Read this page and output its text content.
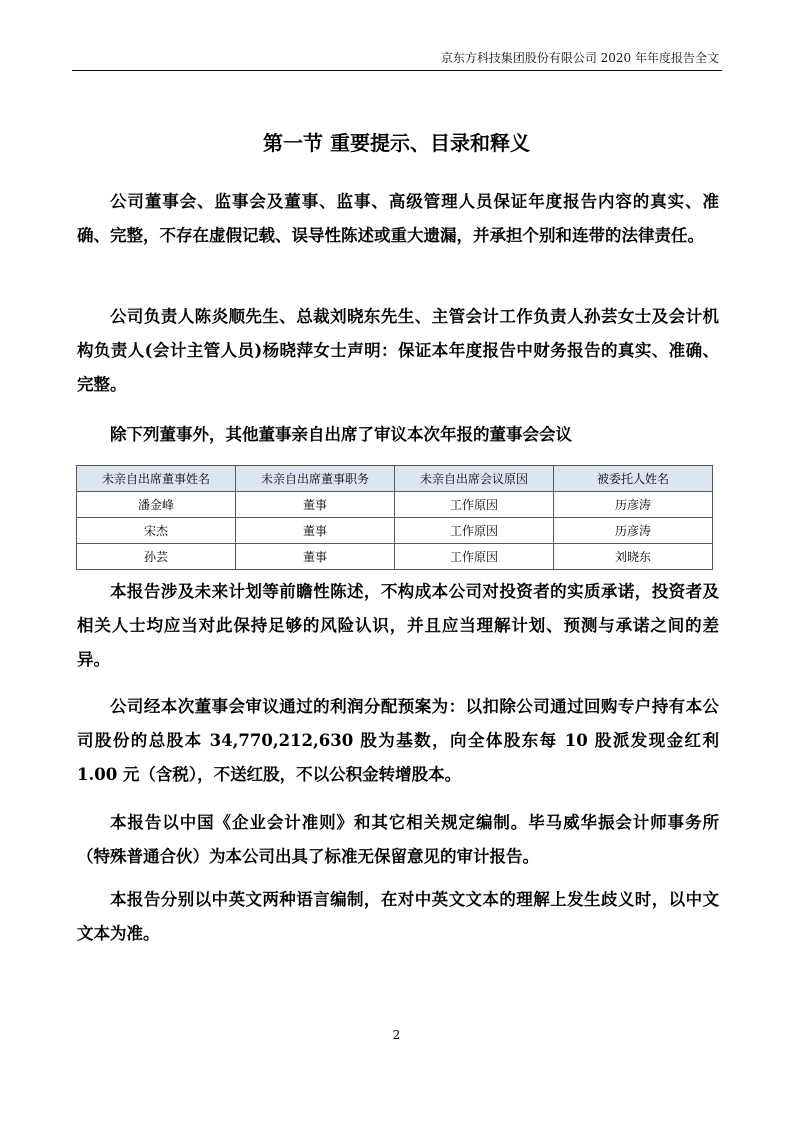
京东方科技集团股份有限公司 2020 年年度报告全文
第一节 重要提示、目录和释义

公司董事会、监事会及董事、监事、高级管理人员保证年度报告内容的真实、准确、完整，不存在虚假记载、误导性陈述或重大遗漏，并承担个别和连带的法律责任。

公司负责人陈炎顺先生、总裁刘晓东先生、主管会计工作负责人孙芸女士及会计机构负责人(会计主管人员)杨晓萍女士声明：保证本年度报告中财务报告的真实、准确、完整。

除下列董事外，其他董事亲自出席了审议本次年报的董事会会议

未亲自出席董事姓名	未亲自出席董事职务	未亲自出席会议原因	被委托人姓名
潘金峰	董事	工作原因	历彦涛
宋杰	董事	工作原因	历彦涛
孙芸	董事	工作原因	刘晓东

本报告涉及未来计划等前瞻性陈述，不构成本公司对投资者的实质承诺，投资者及相关人士均应当对此保持足够的风险认识，并且应当理解计划、预测与承诺之间的差异。

公司经本次董事会审议通过的利润分配预案为：以扣除公司通过回购专户持有本公司股份的总股本 34,770,212,630 股为基数，向全体股东每 10 股派发现金红利 1.00 元（含税），不送红股，不以公积金转增股本。

本报告以中国《企业会计准则》和其它相关规定编制。毕马威华振会计师事务所（特殊普通合伙）为本公司出具了标准无保留意见的审计报告。

本报告分别以中英文两种语言编制，在对中英文文本的理解上发生歧义时，以中文文本为准。

2
